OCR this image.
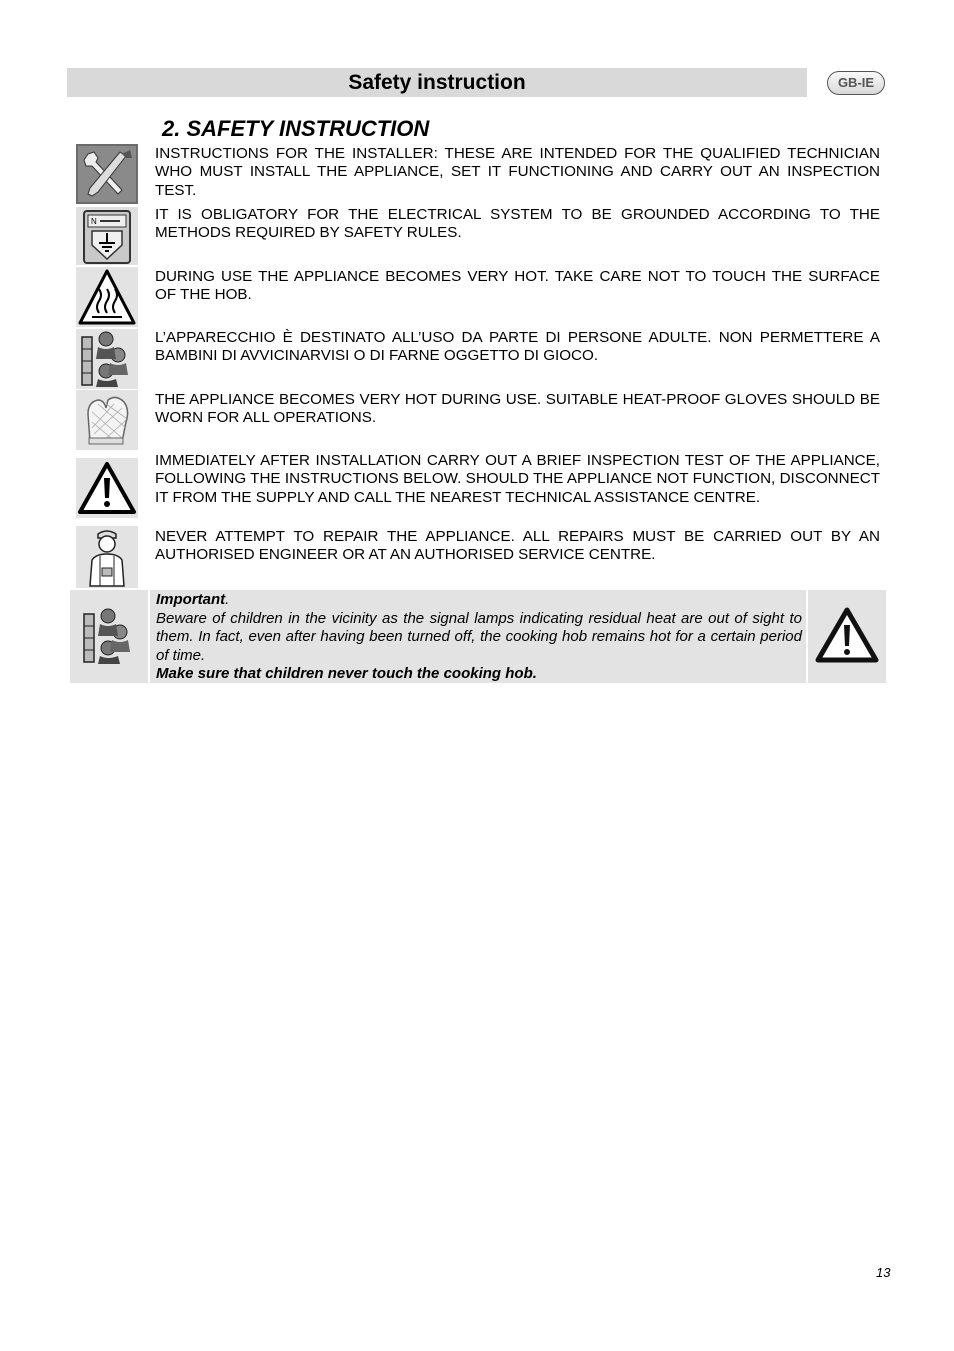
Safety instruction	GB-IE
2. SAFETY INSTRUCTION
INSTRUCTIONS FOR THE INSTALLER: THESE ARE INTENDED FOR THE QUALIFIED TECHNICIAN WHO MUST INSTALL THE APPLIANCE, SET IT FUNCTIONING AND CARRY OUT AN INSPECTION TEST.
N	IT IS OBLIGATORY FOR THE ELECTRICAL SYSTEM TO BE GROUNDED ACCORDING TO THE METHODS REQUIRED BY SAFETY RULES.
DURING USE THE APPLIANCE BECOMES VERY HOT. TAKE CARE NOT TO TOUCH THE SURFACE OF THE HOB.
L’APPARECCHIO È DESTINATO ALL’USO DA PARTE DI PERSONE ADULTE. NON PERMETTERE A BAMBINI DI AVVICINARVISI O DI FARNE OGGETTO DI GIOCO.
THE APPLIANCE BECOMES VERY HOT DURING USE. SUITABLE HEAT-PROOF GLOVES SHOULD BE WORN FOR ALL OPERATIONS.
IMMEDIATELY AFTER INSTALLATION CARRY OUT A BRIEF INSPECTION TEST OF THE APPLIANCE, FOLLOWING THE INSTRUCTIONS BELOW. SHOULD THE APPLIANCE NOT FUNCTION, DISCONNECT IT FROM THE SUPPLY AND CALL THE NEAREST TECHNICAL ASSISTANCE CENTRE.
NEVER ATTEMPT TO REPAIR THE APPLIANCE. ALL REPAIRS MUST BE CARRIED OUT BY AN AUTHORISED ENGINEER OR AT AN AUTHORISED SERVICE CENTRE.
Important.
Beware of children in the vicinity as the signal lamps indicating residual heat are out of sight to them. In fact, even after having been turned off, the cooking hob remains hot for a certain period of time.
Make sure that children never touch the cooking hob.
13
